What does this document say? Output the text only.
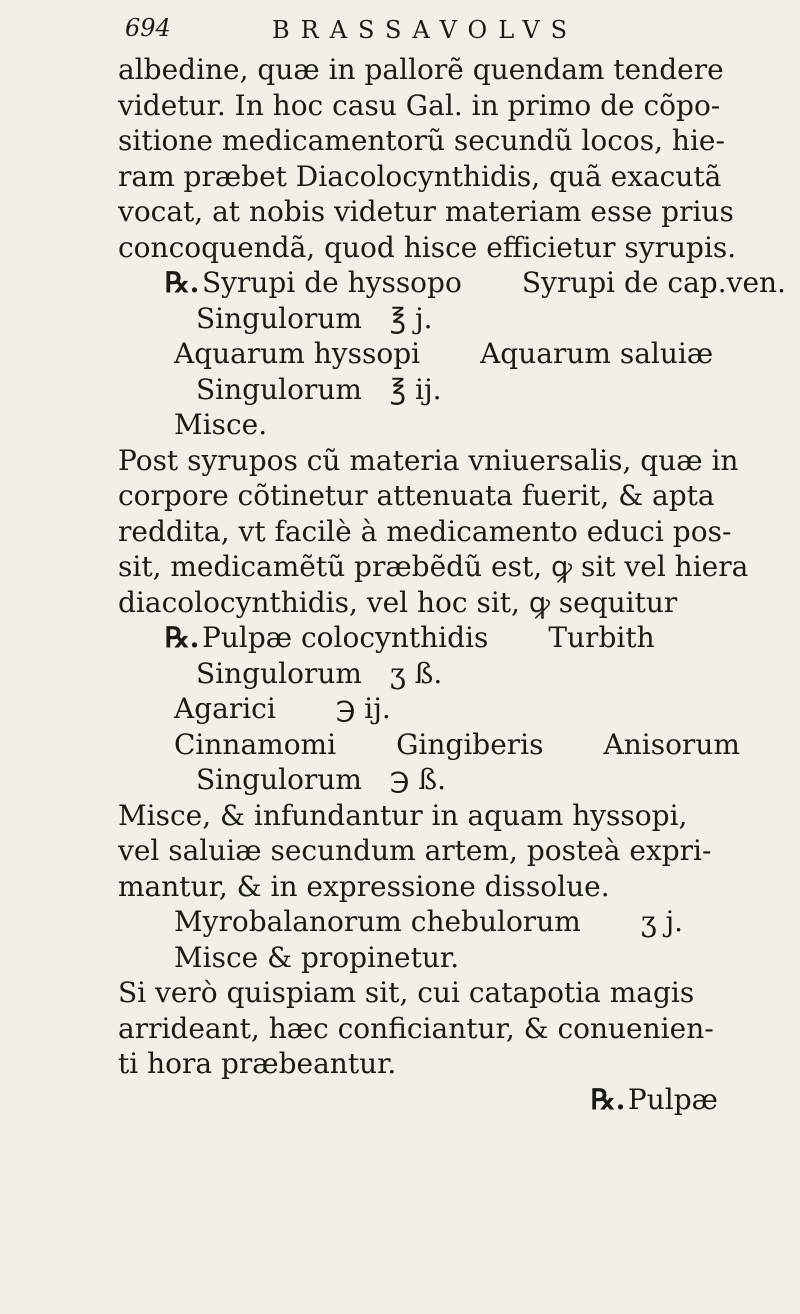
694	BRASSAVOLVS
albedine, quæ in pallorẽ quendam tendere
videtur. In hoc casu Gal. in primo de cõpo-
sitione medicamentorũ secundũ locos, hie-
ram præbet Diacolocynthidis, quã exacutã
vocat, at nobis videtur materiam esse prius
concoquendã, quod hisce efficietur syrupis.
℞.Syrupi de hyssopo Syrupi de cap.ven.
Singulorum ℥ j.
Aquarum hyssopi Aquarum saluiæ
Singulorum ℥ ij.
Misce.
Post syrupos cũ materia vniuersalis, quæ in
corpore cõtinetur attenuata fuerit, & apta
reddita, vt facilè à medicamento educi pos-
sit, medicamẽtũ præbẽdũ est, ꝙ sit vel hiera
diacolocynthidis, vel hoc sit, ꝙ sequitur
℞.Pulpæ colocynthidis Turbith
Singulorum ʒ ß.
Agarici ℈ ij.
Cinnamomi Gingiberis Anisorum
Singulorum ℈ ß.
Misce, & infundantur in aquam hyssopi,
vel saluiæ secundum artem, posteà expri-
mantur, & in expressione dissolue.
Myrobalanorum chebulorum ʒ j.
Misce & propinetur.
Si verò quispiam sit, cui catapotia magis
arrideant, hæc conficiantur, & conuenien-
ti hora præbeantur.
℞.Pulpæ
